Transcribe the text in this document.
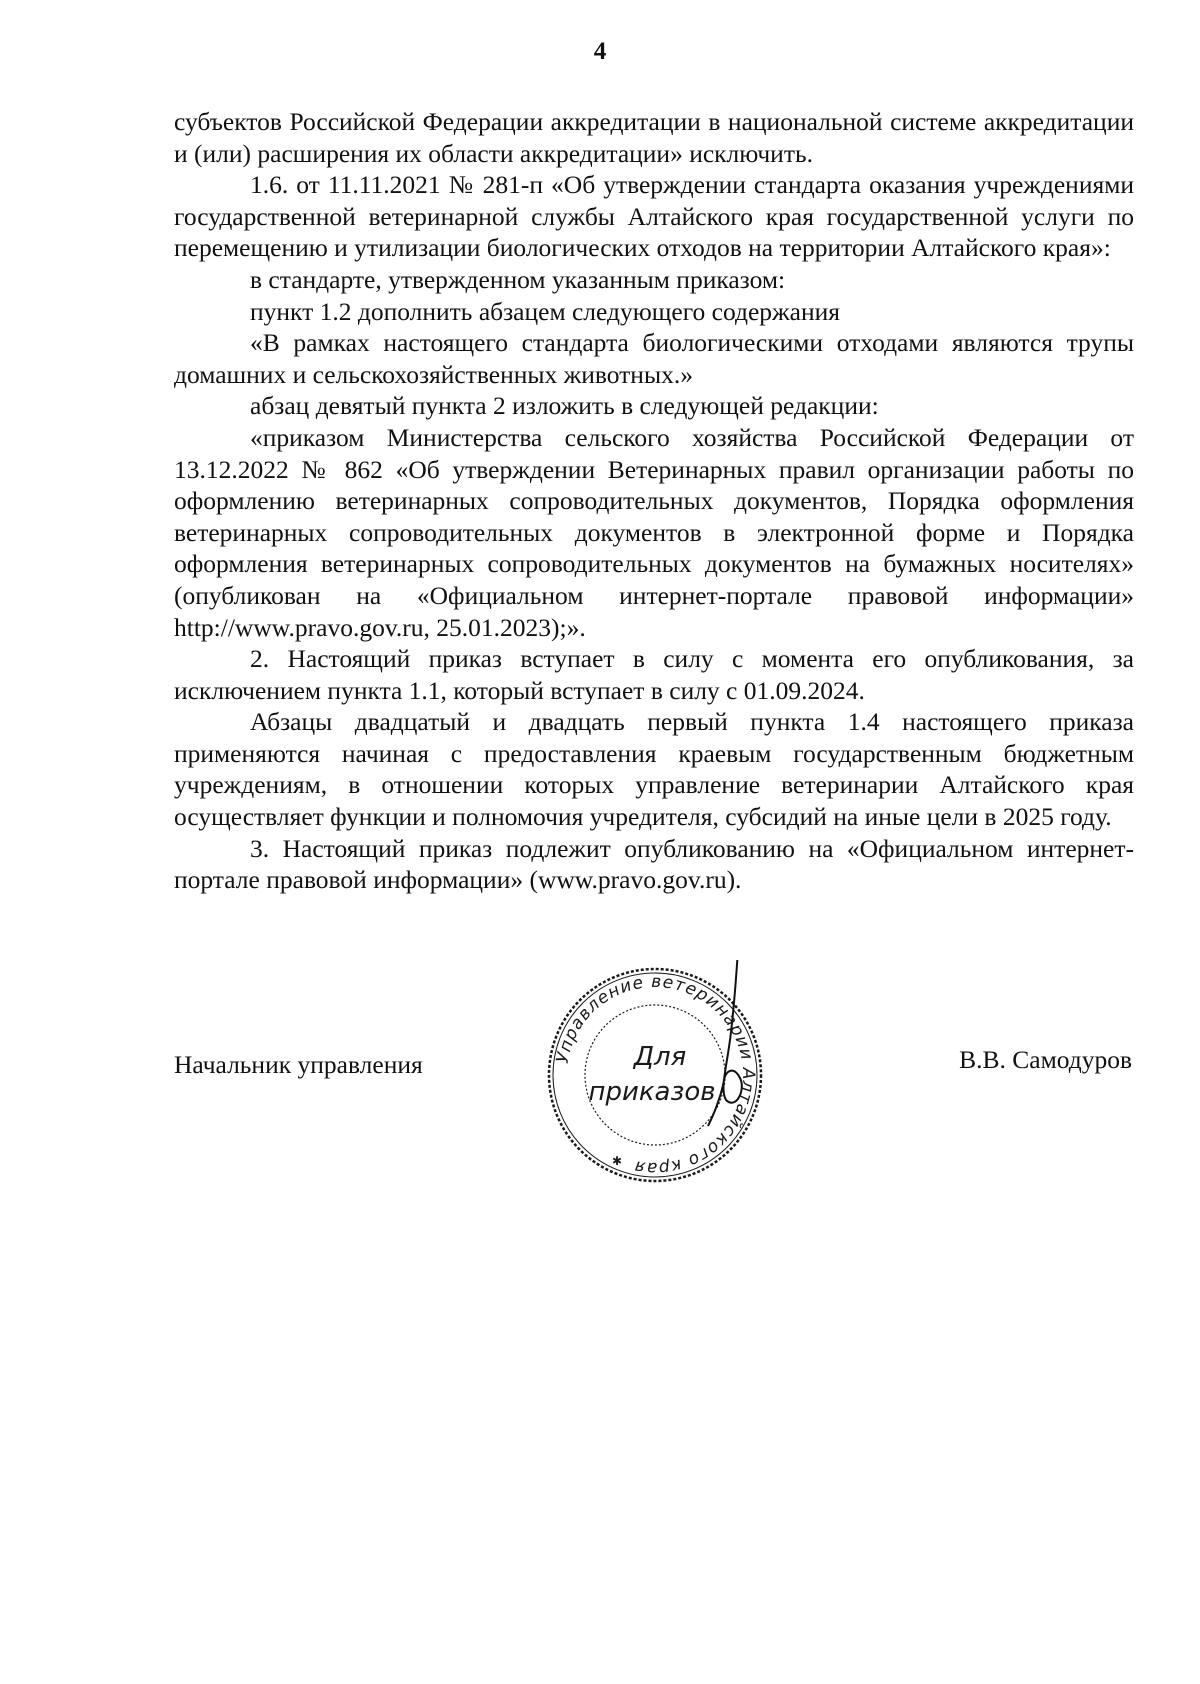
4

субъектов Российской Федерации аккредитации в национальной системе аккредитации и (или) расширения их области аккредитации» исключить.

1.6. от 11.11.2021 № 281-п «Об утверждении стандарта оказания учреждениями государственной ветеринарной службы Алтайского края государственной услуги по перемещению и утилизации биологических отходов на территории Алтайского края»:

в стандарте, утвержденном указанным приказом:

пункт 1.2 дополнить абзацем следующего содержания

«В рамках настоящего стандарта биологическими отходами являются трупы домашних и сельскохозяйственных животных.»

абзац девятый пункта 2 изложить в следующей редакции:

«приказом Министерства сельского хозяйства Российской Федерации от 13.12.2022 № 862 «Об утверждении Ветеринарных правил организации работы по оформлению ветеринарных сопроводительных документов, Порядка оформления ветеринарных сопроводительных документов в электронной форме и Порядка оформления ветеринарных сопроводительных документов на бумажных носителях» (опубликован на «Официальном интернет-портале правовой информации» http://www.pravo.gov.ru, 25.01.2023);».

2. Настоящий приказ вступает в силу с момента его опубликования, за исключением пункта 1.1, который вступает в силу с 01.09.2024.

Абзацы двадцатый и двадцать первый пункта 1.4 настоящего приказа применяются начиная с предоставления краевым государственным бюджетным учреждениям, в отношении которых управление ветеринарии Алтайского края осуществляет функции и полномочия учредителя, субсидий на иные цели в 2025 году.

3. Настоящий приказ подлежит опубликованию на «Официальном интернет-портале правовой информации» (www.pravo.gov.ru).

Начальник управления	Управление ветеринарии Алтайского края
Для
приказов
✱
В.В. Самодуров
